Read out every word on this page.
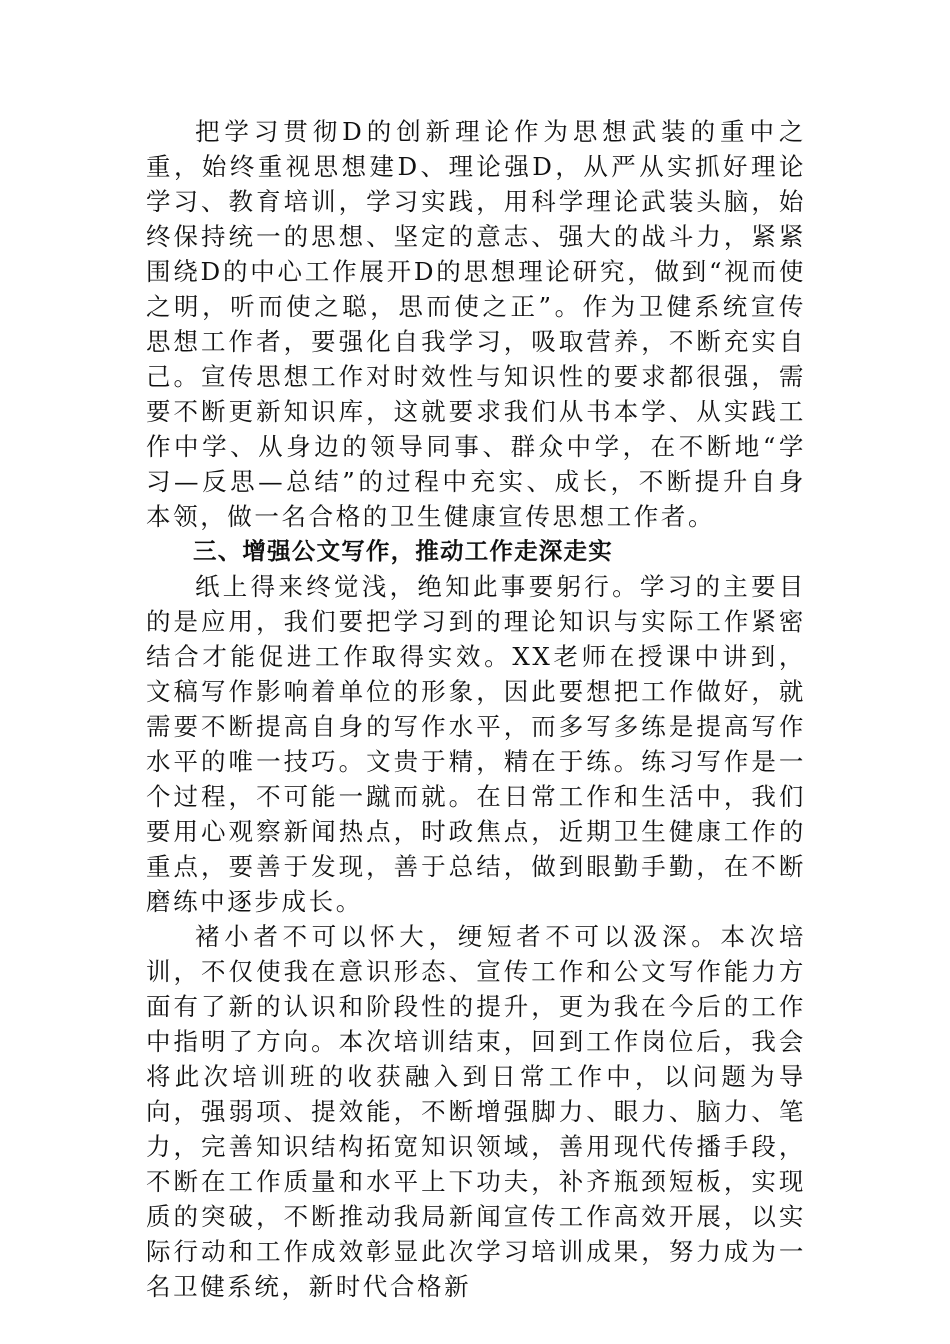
把学习贯彻D的创新理论作为思想武装的重中之重，始终重视思想建D、理论强D，从严从实抓好理论学习、教育培训，学习实践，用科学理论武装头脑，始终保持统一的思想、坚定的意志、强大的战斗力，紧紧围绕D的中心工作展开D的思想理论研究，做到“视而使之明，听而使之聪，思而使之正”。作为卫健系统宣传思想工作者，要强化自我学习，吸取营养，不断充实自己。宣传思想工作对时效性与知识性的要求都很强，需要不断更新知识库，这就要求我们从书本学、从实践工作中学、从身边的领导同事、群众中学，在不断地“学习—反思—总结”的过程中充实、成长，不断提升自身本领，做一名合格的卫生健康宣传思想工作者。

三、增强公文写作，推动工作走深走实

纸上得来终觉浅，绝知此事要躬行。学习的主要目的是应用，我们要把学习到的理论知识与实际工作紧密结合才能促进工作取得实效。XX老师在授课中讲到，文稿写作影响着单位的形象，因此要想把工作做好，就需要不断提高自身的写作水平，而多写多练是提高写作水平的唯一技巧。文贵于精，精在于练。练习写作是一个过程，不可能一蹴而就。在日常工作和生活中，我们要用心观察新闻热点，时政焦点，近期卫生健康工作的重点，要善于发现，善于总结，做到眼勤手勤，在不断磨练中逐步成长。

褚小者不可以怀大，绠短者不可以汲深。本次培训，不仅使我在意识形态、宣传工作和公文写作能力方面有了新的认识和阶段性的提升，更为我在今后的工作中指明了方向。本次培训结束，回到工作岗位后，我会将此次培训班的收获融入到日常工作中，以问题为导向，强弱项、提效能，不断增强脚力、眼力、脑力、笔力，完善知识结构拓宽知识领域，善用现代传播手段，不断在工作质量和水平上下功夫，补齐瓶颈短板，实现质的突破，不断推动我局新闻宣传工作高效开展，以实际行动和工作成效彰显此次学习培训成果，努力成为一名卫健系统，新时代合格新
